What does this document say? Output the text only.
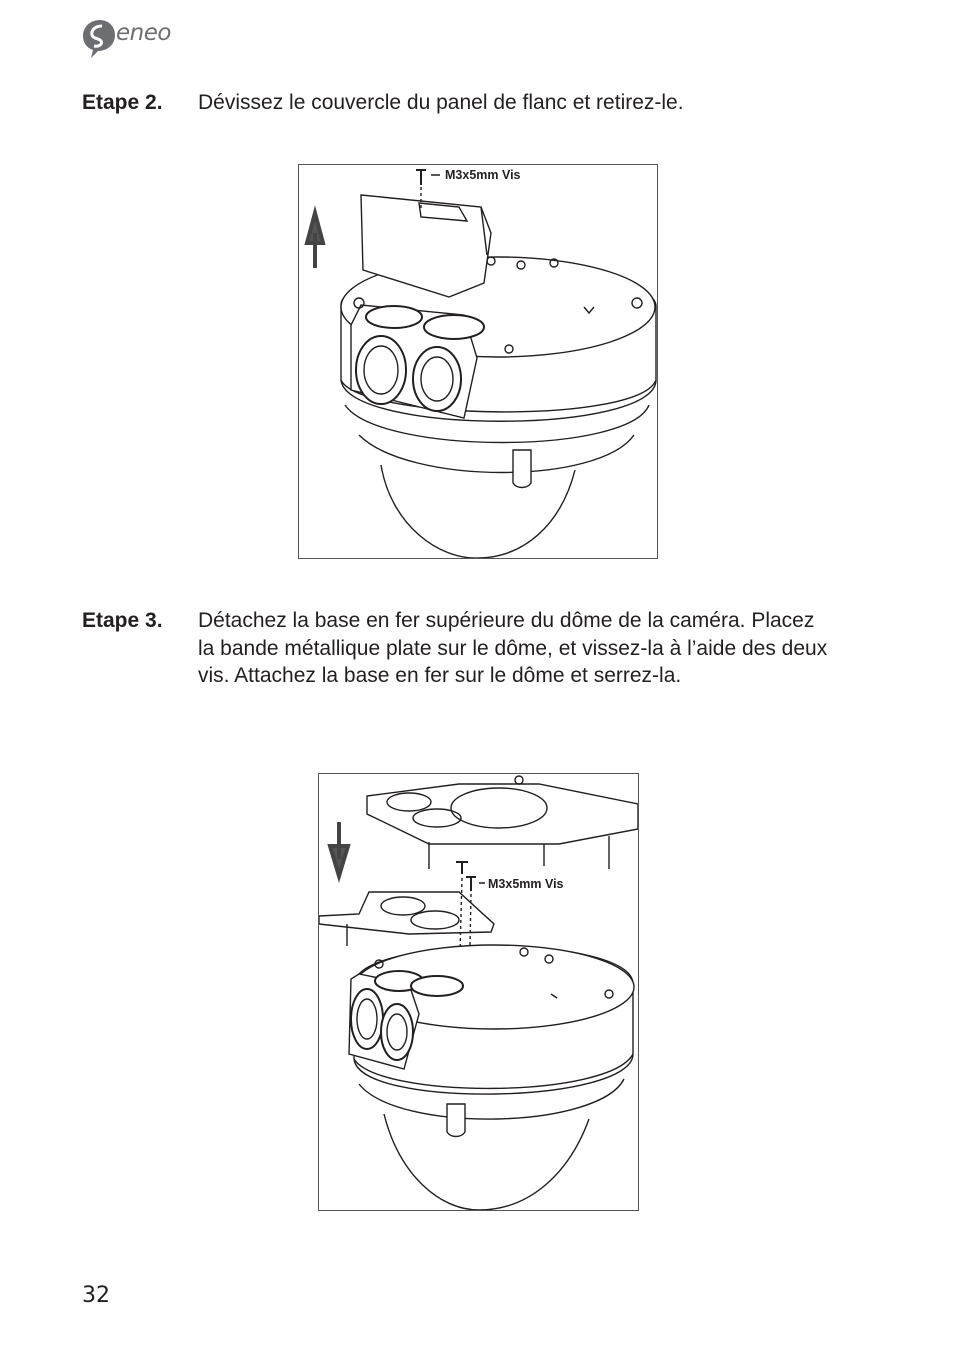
eneo
Etape 2. Dévissez le couvercle du panel de flanc et retirez-le.
M3x5mm Vis
Etape 3. Détachez la base en fer supérieure du dôme de la caméra. Placez la bande métallique plate sur le dôme, et vissez-la à l’aide des deux vis. Attachez la base en fer sur le dôme et serrez-la.
M3x5mm Vis
32
